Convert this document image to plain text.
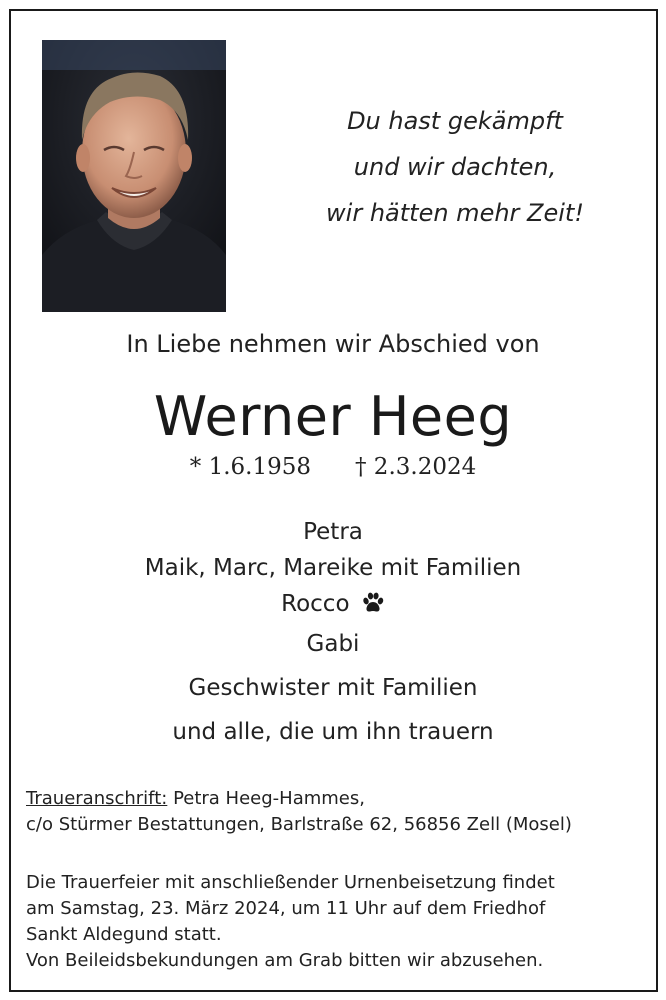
Du hast gekämpft
und wir dachten,
wir hätten mehr Zeit!
In Liebe nehmen wir Abschied von
Werner Heeg
* 1.6.1958 † 2.3.2024
Petra
Maik, Marc, Mareike mit Familien
Rocco
Gabi
Geschwister mit Familien
und alle, die um ihn trauern
Traueranschrift: Petra Heeg-Hammes,
c/o Stürmer Bestattungen, Barlstraße 62, 56856 Zell (Mosel)
Die Trauerfeier mit anschließender Urnenbeisetzung findet
am Samstag, 23. März 2024, um 11 Uhr auf dem Friedhof
Sankt Aldegund statt.
Von Beileidsbekundungen am Grab bitten wir abzusehen.
